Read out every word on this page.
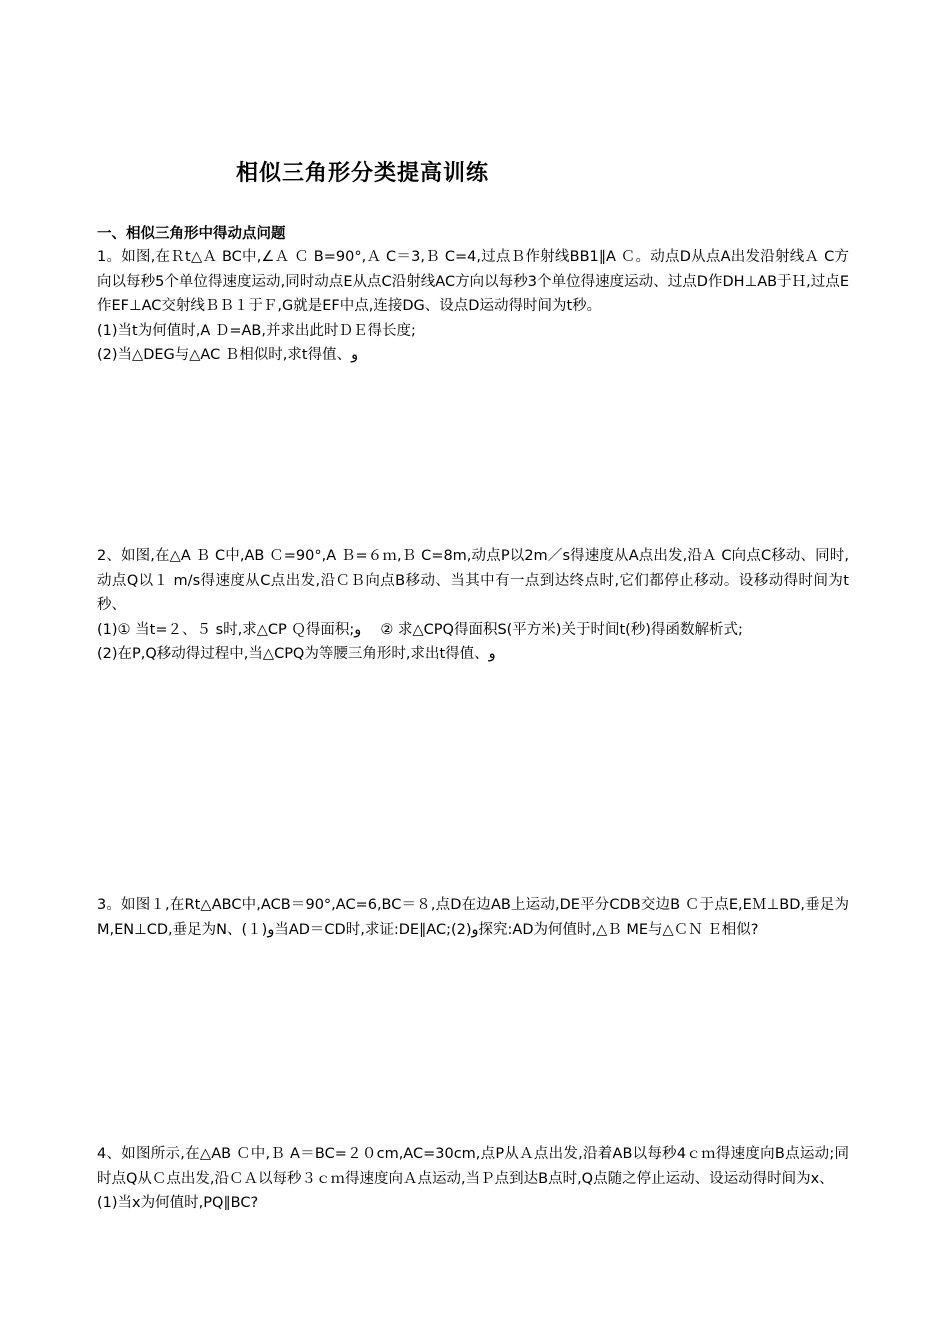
相似三角形分类提高训练
一、相似三角形中得动点问题

1。如图,在Ｒt△Ａ BC中,∠Ａ Ｃ B=90°,Ａ C＝3,Ｂ C=4,过点Ｂ作射线BB1∥A Ｃ。动点D从点A出发沿射线Ａ C方向以每秒5个单位得速度运动,同时动点E从点C沿射线AC方向以每秒3个单位得速度运动、过点D作DH⊥AB于Ｈ,过点E作EF⊥AC交射线ＢＢ１于Ｆ,G就是EF中点,连接DG、设点D运动得时间为t秒。

(1)当t为何值时,A Ｄ=AB,并求出此时ＤＥ得长度;

(2)当△DEG与△AC Ｂ相似时,求t得值、و

2、如图,在△A Ｂ C中,AB Ｃ=90°,A Ｂ=６ｍ,Ｂ C=8m,动点P以2m／s得速度从A点出发,沿Ａ C向点C移动、同时,动点Q以１ m/s得速度从C点出发,沿ＣＢ向点B移动、当其中有一点到达终点时,它们都停止移动。设移动得时间为t秒、

(1)① 当t=２、５ s时,求△CP Ｑ得面积;و　 ② 求△CPQ得面积S(平方米)关于时间t(秒)得函数解析式;

(2)在P,Q移动得过程中,当△CPQ为等腰三角形时,求出t得值、و

3。如图１,在Rt△ABC中,ACB＝90°,AC=6,BC＝８,点D在边AB上运动,DE平分CDB交边B Ｃ于点E,EＭ⊥BD,垂足为M,EN⊥CD,垂足为N、(１)و当AD＝CD时,求证:DE∥AC;(2)و探究:AD为何值时,△Ｂ ME与△ＣＮ Ｅ相似?

4、如图所示,在△AB Ｃ中,Ｂ A＝BC=２０cm,AC=30cm,点P从Ａ点出发,沿着AB以每秒4ｃｍ得速度向B点运动;同时点Q从Ｃ点出发,沿ＣＡ以每秒３ｃｍ得速度向Ａ点运动,当Ｐ点到达B点时,Q点随之停止运动、设运动得时间为x、

(1)当x为何值时,PQ∥BC?
